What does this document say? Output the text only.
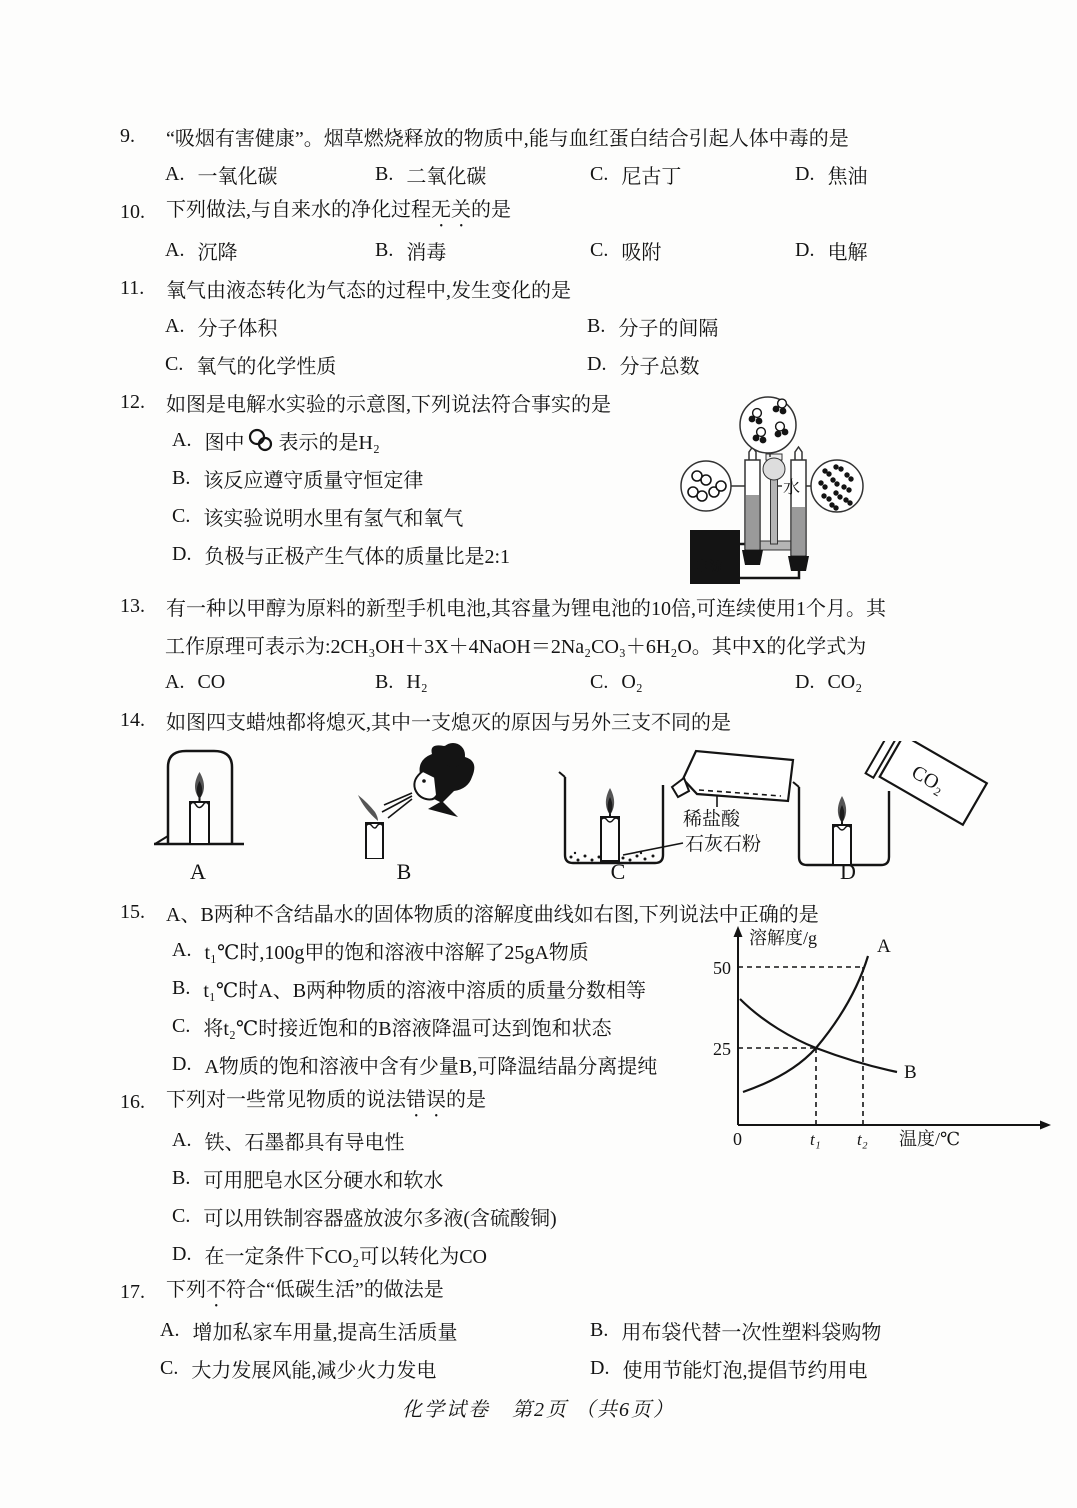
9.	“吸烟有害健康”。烟草燃烧释放的物质中,能与血红蛋白结合引起人体中毒的是
A. 一氧化碳	B. 二氧化碳	C. 尼古丁	D. 焦油
10.	下列做法,与自来水的净化过程无关的是
A. 沉降	B. 消毒	C. 吸附	D. 电解
11.	氧气由液态转化为气态的过程中,发生变化的是
A. 分子体积	B. 分子的间隔
C. 氧气的化学性质	D. 分子总数
12.	如图是电解水实验的示意图,下列说法符合事实的是
A. 图中 表示的是H₂
B. 该反应遵守质量守恒定律
C. 该实验说明水里有氢气和氧气
D. 负极与正极产生气体的质量比是2:1
13.	有一种以甲醇为原料的新型手机电池,其容量为锂电池的10倍,可连续使用1个月。其
工作原理可表示为:2CH₃OH＋3X＋4NaOH＝2Na₂CO₃＋6H₂O。其中X的化学式为
A. CO	B. H₂	C. O₂	D. CO₂
14.	如图四支蜡烛都将熄灭,其中一支熄灭的原因与另外三支不同的是
稀盐酸
石灰石粉
CO₂
A	B	C	D
15.	A、B两种不含结晶水的固体物质的溶解度曲线如右图,下列说法中正确的是
A. t₁℃时,100g甲的饱和溶液中溶解了25gA物质
B. t₁℃时A、B两种物质的溶液中溶质的质量分数相等
C. 将t₂℃时接近饱和的B溶液降温可达到饱和状态
D. A物质的饱和溶液中含有少量B,可降温结晶分离提纯
16.	下列对一些常见物质的说法错误的是
A. 铁、石墨都具有导电性
B. 可用肥皂水区分硬水和软水
C. 可以用铁制容器盛放波尔多液(含硫酸铜)
D. 在一定条件下CO₂可以转化为CO
17.	下列不符合“低碳生活”的做法是
A. 增加私家车用量,提高生活质量	B. 用布袋代替一次性塑料袋购物
C. 大力发展风能,减少火力发电	D. 使用节能灯泡,提倡节约用电
化学试卷　第2页 （共6页）
+ -
电源
水
溶解度/g	A
B
50
25
0	t₁ t₂ 温度/℃
